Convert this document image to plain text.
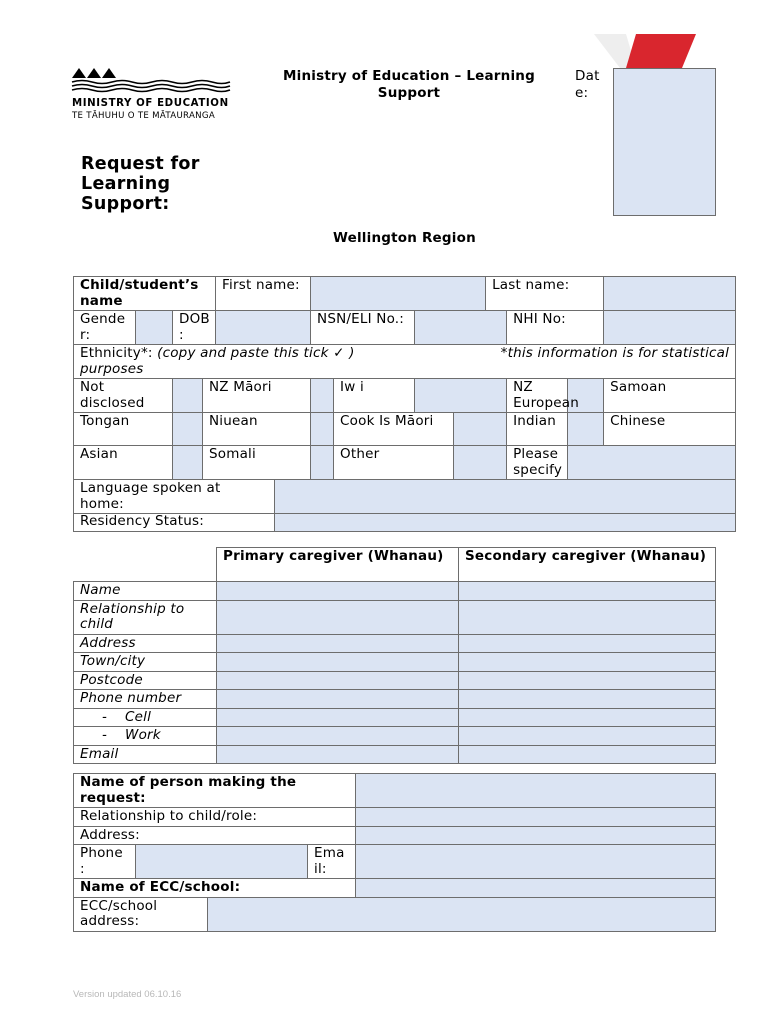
MINISTRY OF EDUCATION
TE TĀHUHU O TE MĀTAURANGA
Ministry of Education – Learning
Support
Dat
e:
Request for
Learning
Support:
Wellington Region
Child/student’s name				First name:						Last name:				
Gende r:		DOB :				NSN/ELI No.:					NHI No:			

Ethnicity*: (copy and paste this tick ✓ ) *this information is for statistical
purposes														

Not disclosed			NZ Māori				Iw i				NZ European		Samoan	
Tongan			Niuean				Cook Is Māori				Indian		Chinese	
Asian			Somali				Other				Please specify			
Language spoken at home:														
Residency Status:														
	Primary caregiver (Whanau)	Secondary caregiver (Whanau)
Name		
Relationship to child		
Address		
Town/city		
Postcode		
Phone number		
-    Cell		
-    Work		
Email		
Name of person making the request:				
Relationship to child/role:				
Address:				
Phone :			Ema il:	
Name of ECC/school:				
ECC/school address:				
Version updated 06.10.16
